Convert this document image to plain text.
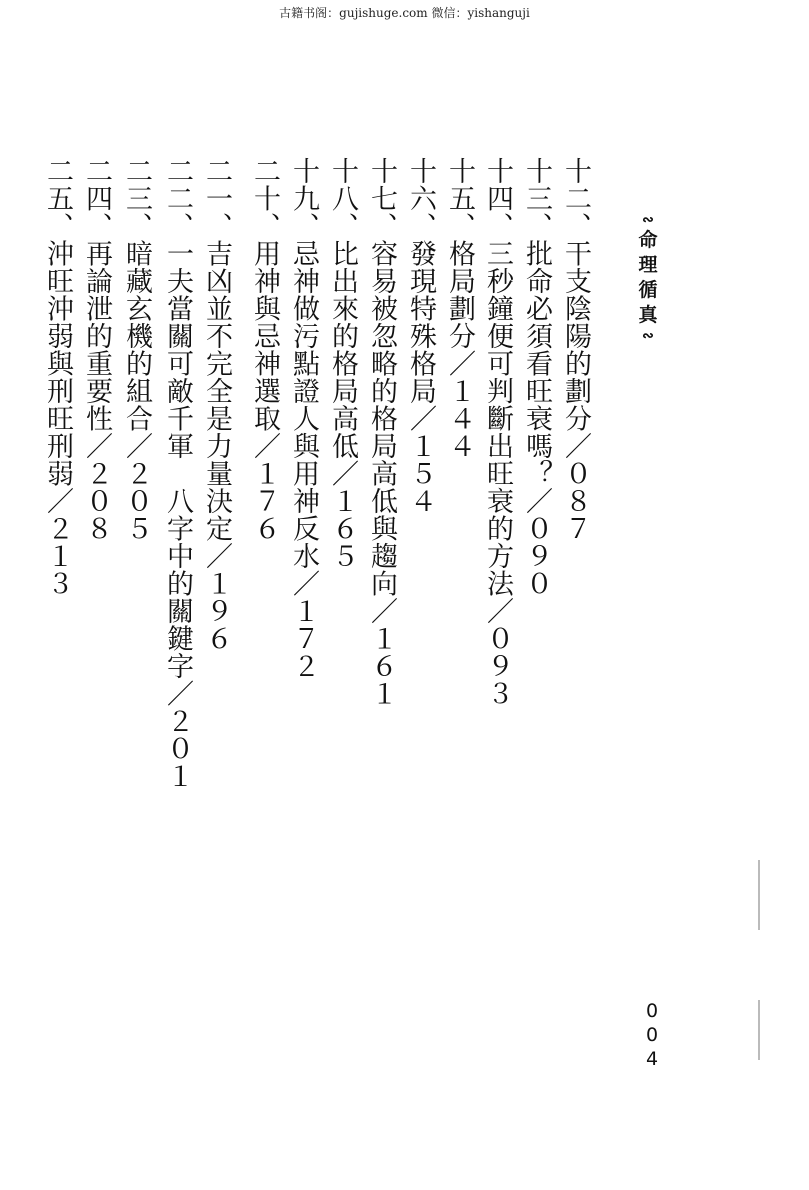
古籍书阁：gujishuge.com 微信：yishanguji
∾
命
理
循
真
∾
十二、干支陰陽的劃分／０８７
十三、批命必須看旺衰嗎？／０９０
十四、三秒鐘便可判斷出旺衰的方法／０９３
十五、格局劃分／１４４
十六、發現特殊格局／１５４
十七、容易被忽略的格局高低與趨向／１６１
十八、比出來的格局高低／１６５
十九、忌神做污點證人與用神反水／１７２
二十、用神與忌神選取／１７６
二一、吉凶並不完全是力量決定／１９６
二二、一夫當關可敵千軍　八字中的關鍵字／２０１
二三、暗藏玄機的組合／２０５
二四、再論泄的重要性／２０８
二五、沖旺沖弱與刑旺刑弱／２１３
004
